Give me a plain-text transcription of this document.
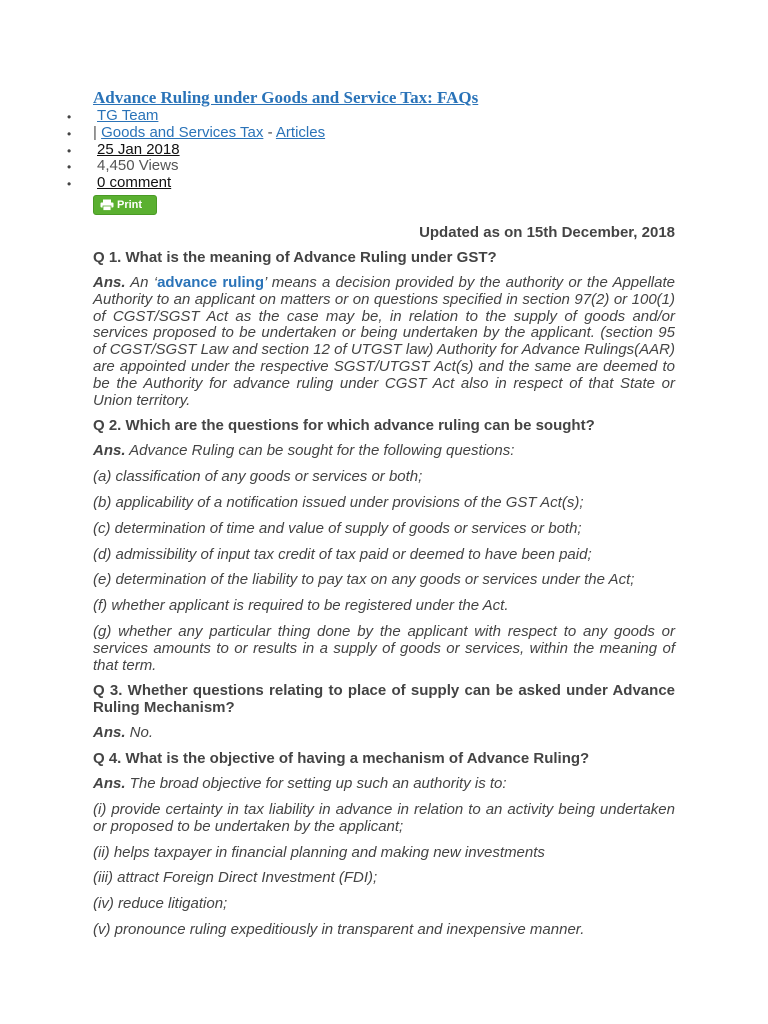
Advance Ruling under Goods and Service Tax: FAQs
• TG Team
• | Goods and Services Tax - Articles
• 25 Jan 2018
• 4,450 Views
• 0 comment
Print
Updated as on 15th December, 2018

Q 1. What is the meaning of Advance Ruling under GST?

Ans. An ‘advance ruling’ means a decision provided by the authority or the Appellate Authority to an applicant on matters or on questions specified in section 97(2) or 100(1) of CGST/SGST Act as the case may be, in relation to the supply of goods and/or services proposed to be undertaken or being undertaken by the applicant. (section 95 of CGST/SGST Law and section 12 of UTGST law) Authority for Advance Rulings(AAR) are appointed under the respective SGST/UTGST Act(s) and the same are deemed to be the Authority for advance ruling under CGST Act also in respect of that State or Union territory.

Q 2. Which are the questions for which advance ruling can be sought?

Ans. Advance Ruling can be sought for the following questions:

(a) classification of any goods or services or both;

(b) applicability of a notification issued under provisions of the GST Act(s);

(c) determination of time and value of supply of goods or services or both;

(d) admissibility of input tax credit of tax paid or deemed to have been paid;

(e) determination of the liability to pay tax on any goods or services under the Act;

(f) whether applicant is required to be registered under the Act.

(g) whether any particular thing done by the applicant with respect to any goods or services amounts to or results in a supply of goods or services, within the meaning of that term.

Q 3. Whether questions relating to place of supply can be asked under Advance Ruling Mechanism?

Ans. No.

Q 4. What is the objective of having a mechanism of Advance Ruling?

Ans. The broad objective for setting up such an authority is to:

(i) provide certainty in tax liability in advance in relation to an activity being undertaken or proposed to be undertaken by the applicant;

(ii) helps taxpayer in financial planning and making new investments

(iii) attract Foreign Direct Investment (FDI);

(iv) reduce litigation;

(v) pronounce ruling expeditiously in transparent and inexpensive manner.
